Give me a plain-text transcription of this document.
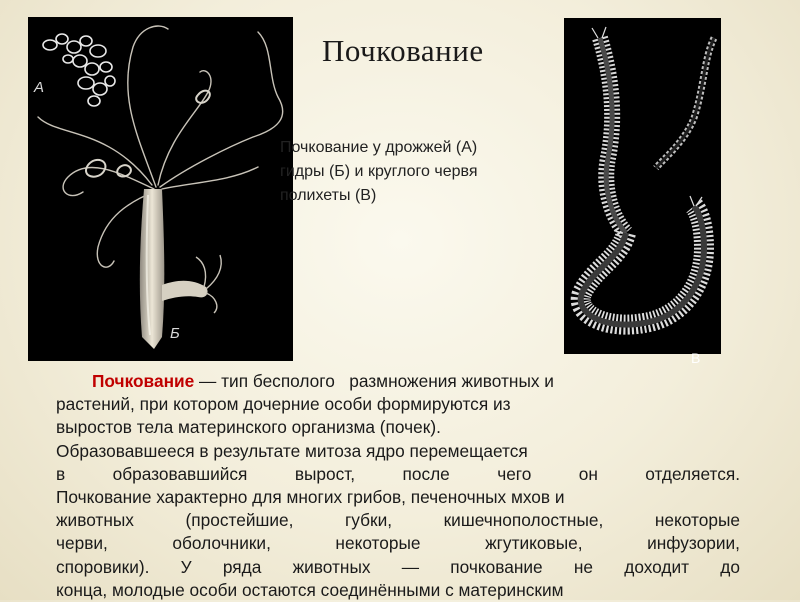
А
Б
Почкование
Почкование у дрожжей (А)
гидры (Б) и круглого червя
полихеты (В)
В
Почкование — тип бесполого   размножения животных и
растений, при котором дочерние особи формируются из
выростов тела материнского организма (почек).
Образовавшееся в результате митоза ядро перемещается
в образовавшийся вырост, после чего он отделяется.
Почкование характерно для многих грибов, печеночных мхов и
животных (простейшие, губки, кишечнополостные, некоторые
черви, оболочники, некоторые жгутиковые, инфузории,
споровики). У ряда животных — почкование не доходит до
конца, молодые особи остаются соединёнными с материнским
